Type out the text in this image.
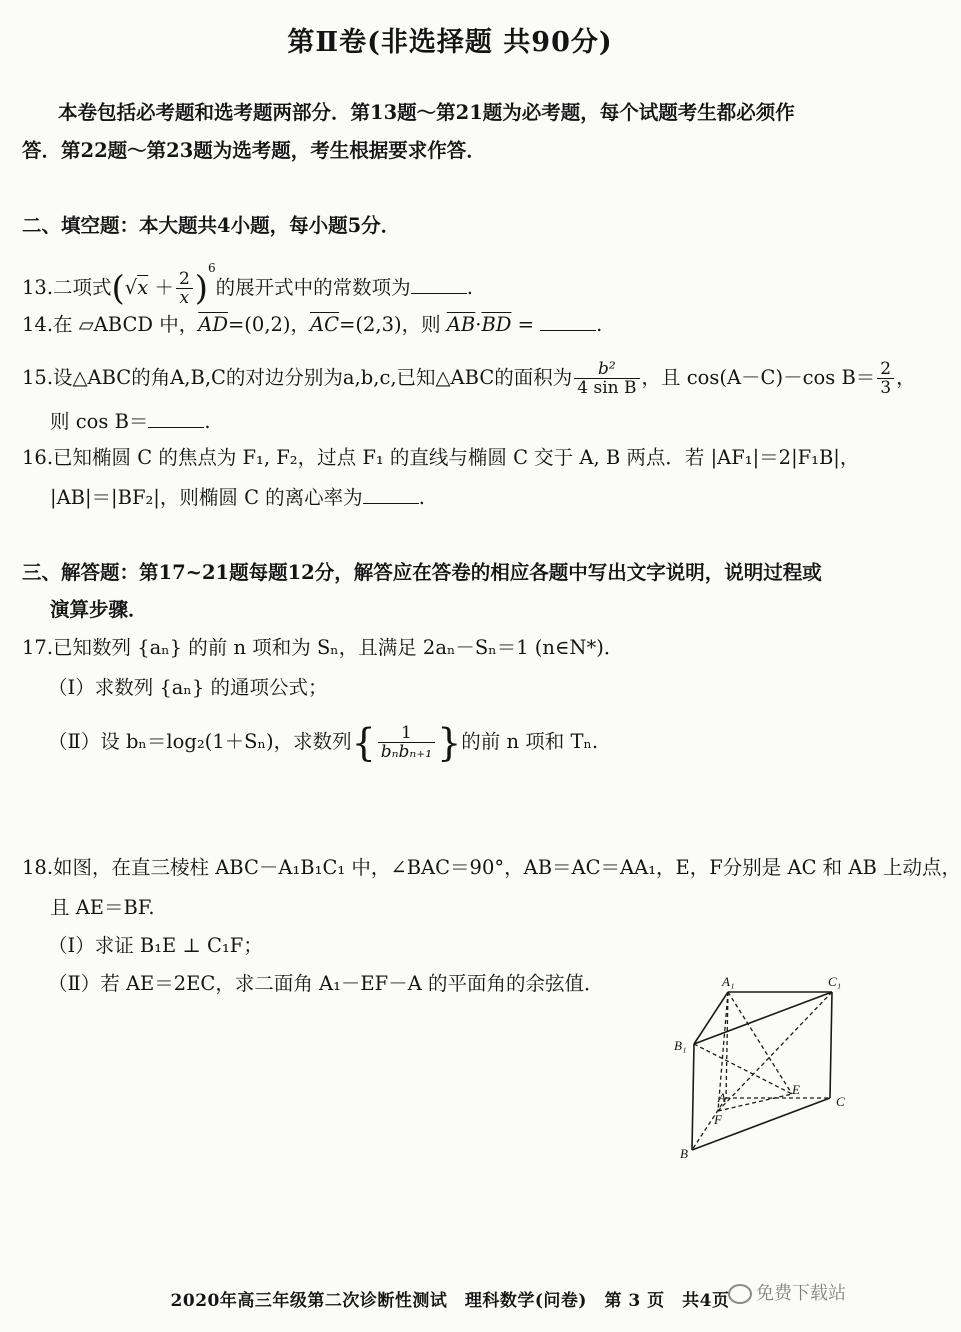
第Ⅱ卷(非选择题 共90分)
本卷包括必考题和选考题两部分．第13题～第21题为必考题，每个试题考生都必须作
答．第22题～第23题为选考题，考生根据要求作答．
二、填空题：本大题共4小题，每小题5分．
13.二项式$(√x + \frac{2}{x} )^6$的展开式中的常数项为	.
14.在 ▱ABCD 中，$\overline{AD}=(0,2)$，$\overline{AC}=(2,3)$，则 $\overline{AB}\cdot\overline{BD}$ =	.
15.设△ABC的角A,B,C的对边分别为a,b,c,已知△ABC的面积为 $\frac{\text{b²}}{\text{4 sin B}}$ ，且 cos(A－C)－cos $B= \frac{2}{3}$ ，
则 cos B＝	.
16.已知椭圆 C 的焦点为 F₁, F₂，过点 F₁ 的直线与椭圆 C 交于 A, B 两点．若 |AF₁|＝2|F₁B|，
|AB|＝|BF₂|，则椭圆 C 的离心率为	.
三、解答题：第17~21题每题12分，解答应在答卷的相应各题中写出文字说明，说明过程或
演算步骤．
17.已知数列 {aₙ} 的前 n 项和为 Sₙ，且满足 2aₙ－Sₙ＝1 (n∈N*)．
（Ⅰ）求数列 {aₙ} 的通项公式；
（Ⅱ）设 bₙ＝log₂(1＋Sₙ)，求数列{ $\frac{1}{\text{bₙbₙ₊₁}}$ }的前 n 项和 Tₙ.
18.如图，在直三棱柱 ABC－A₁B₁C₁ 中，∠BAC＝90°，AB＝AC＝AA₁，E，F分别是 AC 和 AB 上动点，
且 AE＝BF.
（Ⅰ）求证 B₁E ⊥ C₁F；
（Ⅱ）若 AE＝2EC，求二面角 A₁－EF－A 的平面角的余弦值．	A₁	C₁
B₁
A
E
C
F
B
2020年高三年级第二次诊断性测试　理科数学(问卷)　第 3 页　共4页	免费下载站
